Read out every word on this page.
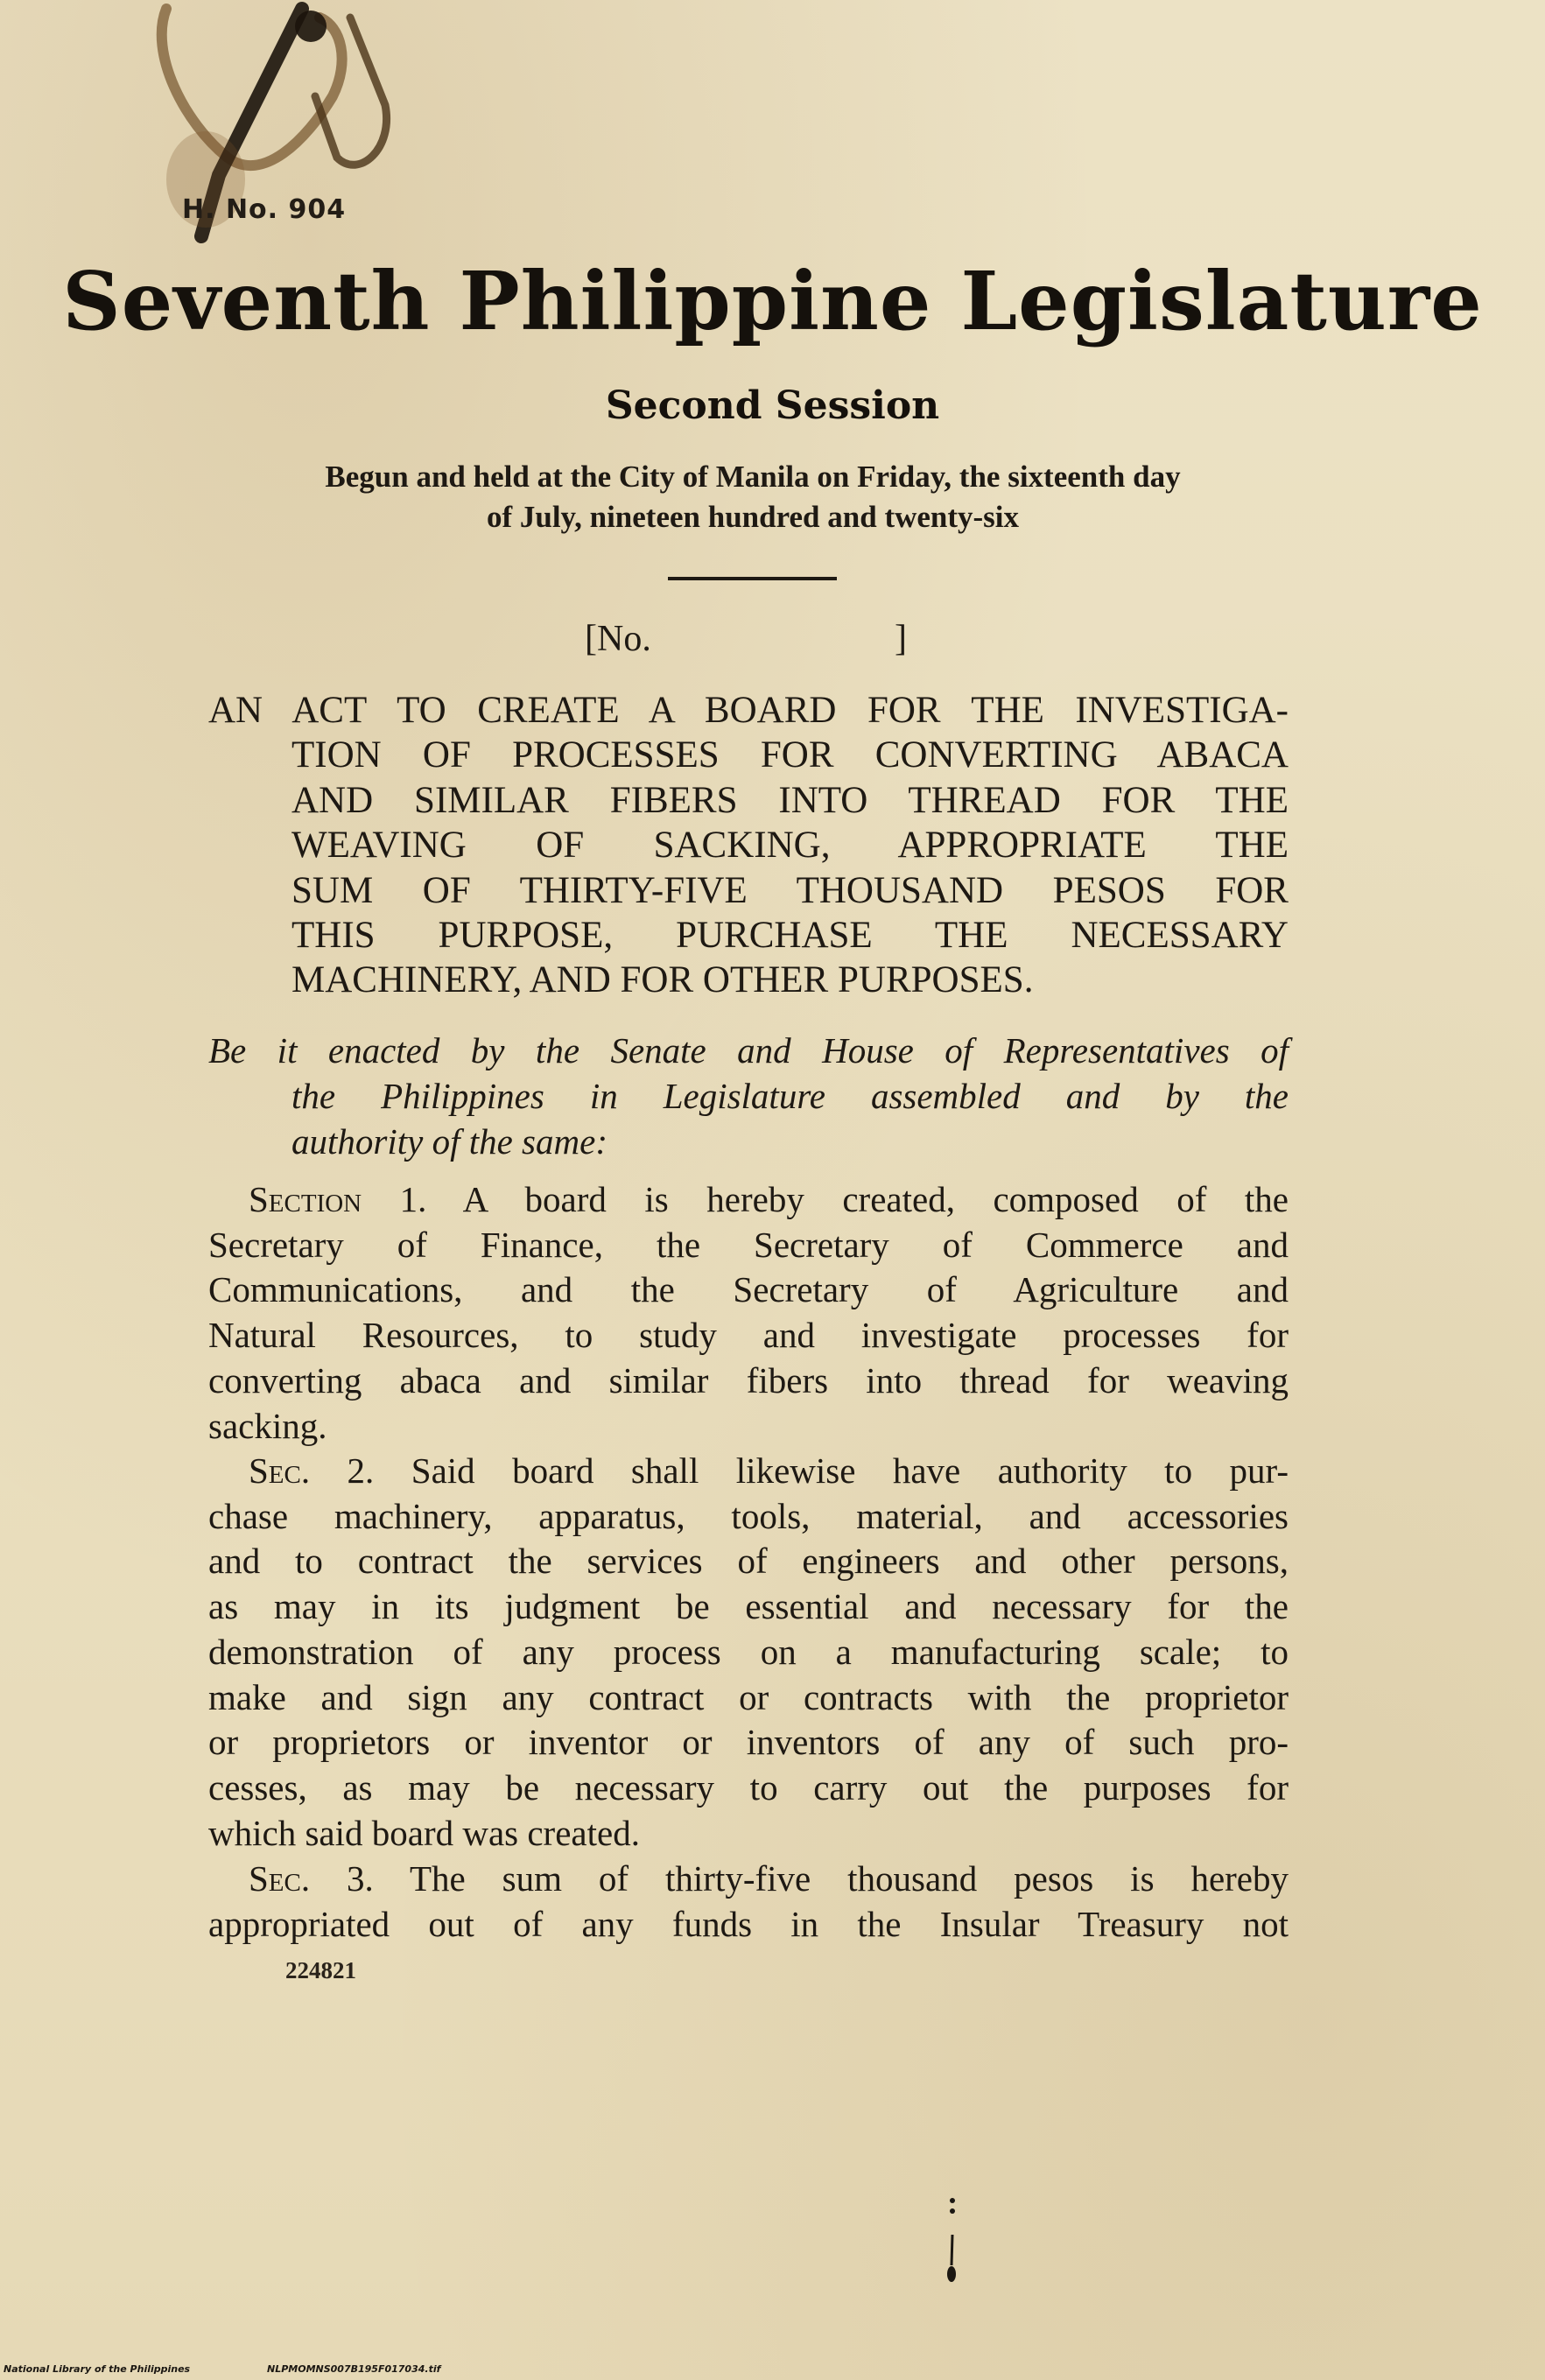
H. No. 904
Seventh Philippine Legislature
Second Session
Begun and held at the City of Manila on Friday, the sixteenth day
of July, nineteen hundred and twenty-six
[No.	]
AN ACT TO CREATE A BOARD FOR THE INVESTIGA-
TION OF PROCESSES FOR CONVERTING ABACA
AND SIMILAR FIBERS INTO THREAD FOR THE
WEAVING OF SACKING, APPROPRIATE THE
SUM OF THIRTY-FIVE THOUSAND PESOS FOR
THIS PURPOSE, PURCHASE THE NECESSARY
MACHINERY, AND FOR OTHER PURPOSES.
Be it enacted by the Senate and House of Representatives of
the Philippines in Legislature assembled and by the
authority of the same:
Section 1. A board is hereby created, composed of the
Secretary of Finance, the Secretary of Commerce and
Communications, and the Secretary of Agriculture and
Natural Resources, to study and investigate processes for
converting abaca and similar fibers into thread for weaving
sacking.
Sec. 2. Said board shall likewise have authority to pur-
chase machinery, apparatus, tools, material, and accessories
and to contract the services of engineers and other persons,
as may in its judgment be essential and necessary for the
demonstration of any process on a manufacturing scale; to
make and sign any contract or contracts with the proprietor
or proprietors or inventor or inventors of any of such pro-
cesses, as may be necessary to carry out the purposes for
which said board was created.
Sec. 3. The sum of thirty-five thousand pesos is hereby
appropriated out of any funds in the Insular Treasury not
224821
National Library of the Philippines	NLPMOMNS007B195F017034.tif
